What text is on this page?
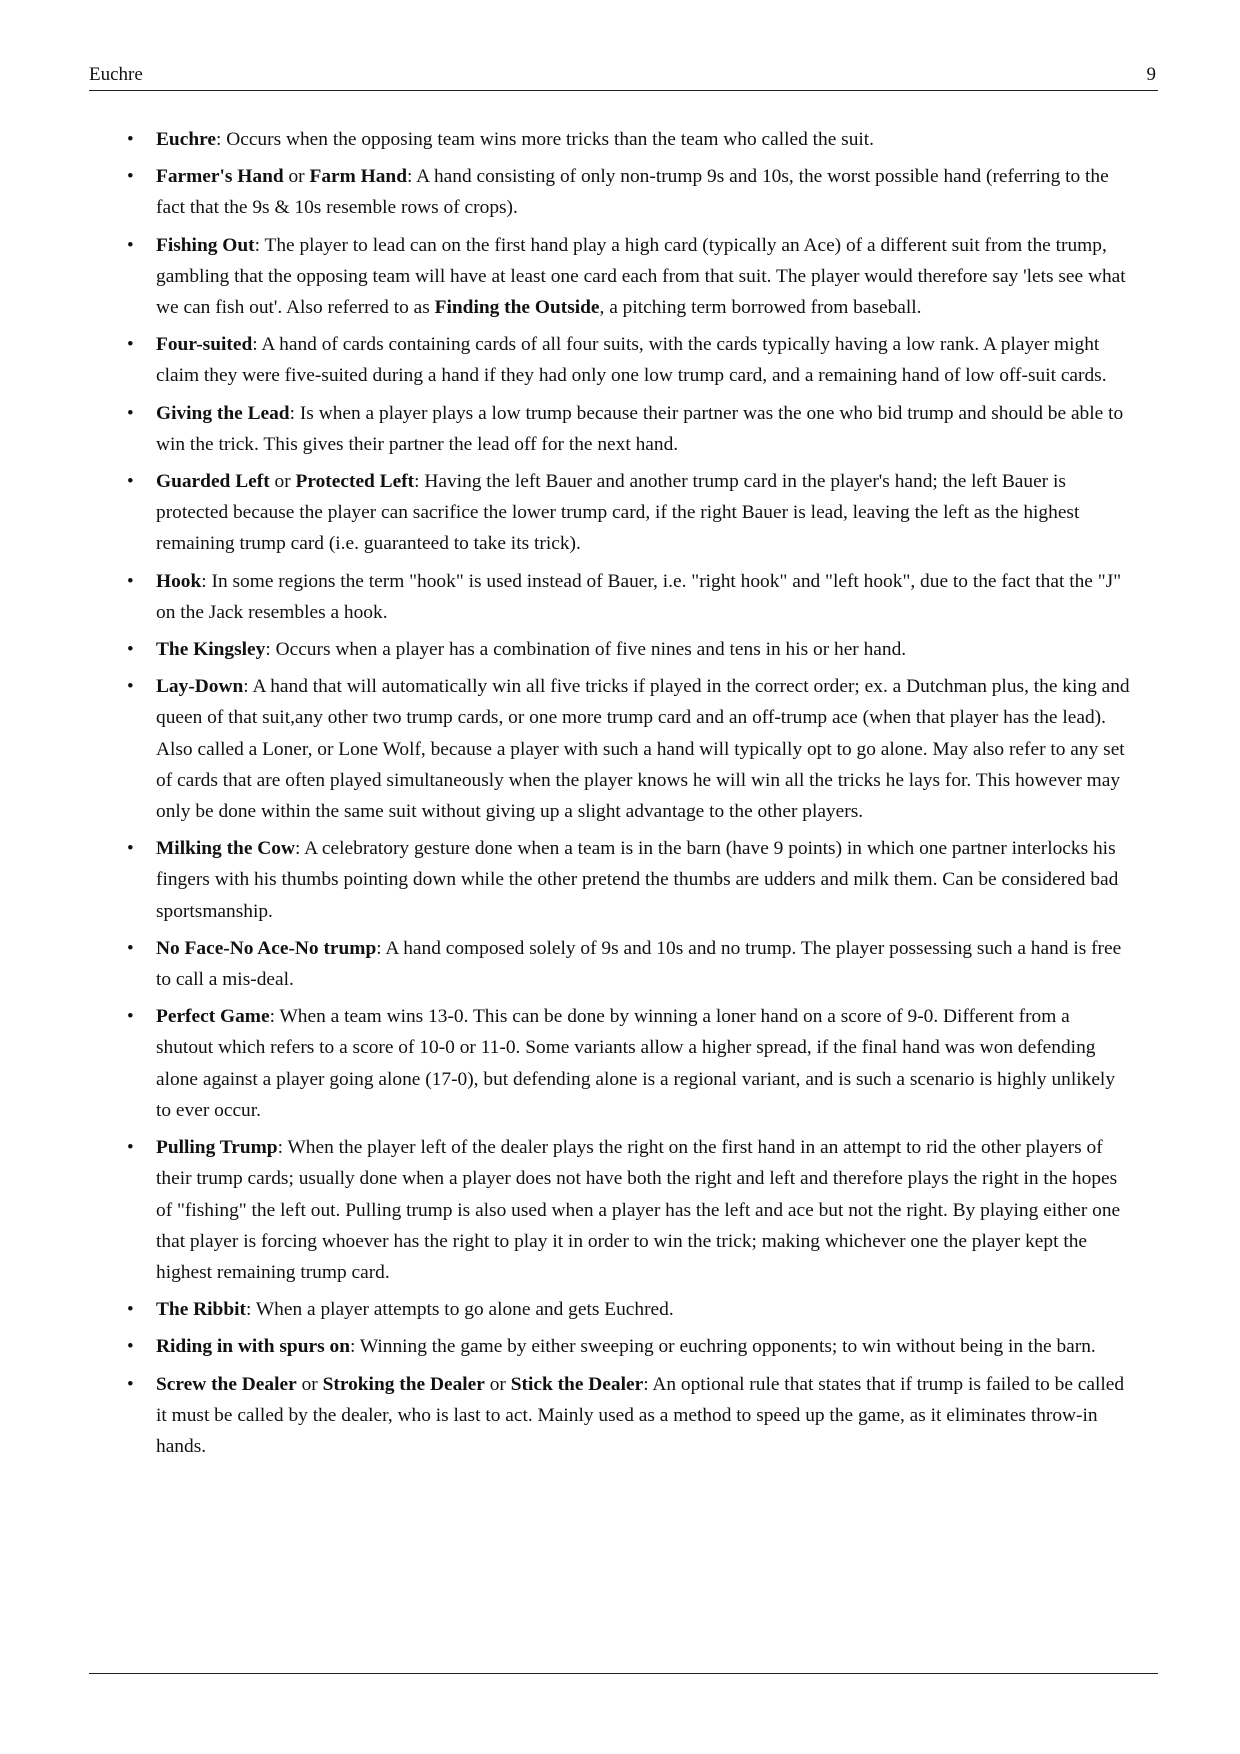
Euchre	9
• Euchre: Occurs when the opposing team wins more tricks than the team who called the suit.
• Farmer's Hand or Farm Hand: A hand consisting of only non-trump 9s and 10s, the worst possible hand (referring to the fact that the 9s & 10s resemble rows of crops).
• Fishing Out: The player to lead can on the first hand play a high card (typically an Ace) of a different suit from the trump, gambling that the opposing team will have at least one card each from that suit. The player would therefore say 'lets see what we can fish out'. Also referred to as Finding the Outside, a pitching term borrowed from baseball.
• Four-suited: A hand of cards containing cards of all four suits, with the cards typically having a low rank. A player might claim they were five-suited during a hand if they had only one low trump card, and a remaining hand of low off-suit cards.
• Giving the Lead: Is when a player plays a low trump because their partner was the one who bid trump and should be able to win the trick. This gives their partner the lead off for the next hand.
• Guarded Left or Protected Left: Having the left Bauer and another trump card in the player's hand; the left Bauer is protected because the player can sacrifice the lower trump card, if the right Bauer is lead, leaving the left as the highest remaining trump card (i.e. guaranteed to take its trick).
• Hook: In some regions the term "hook" is used instead of Bauer, i.e. "right hook" and "left hook", due to the fact that the "J" on the Jack resembles a hook.
• The Kingsley: Occurs when a player has a combination of five nines and tens in his or her hand.
• Lay-Down: A hand that will automatically win all five tricks if played in the correct order; ex. a Dutchman plus, the king and queen of that suit,any other two trump cards, or one more trump card and an off-trump ace (when that player has the lead). Also called a Loner, or Lone Wolf, because a player with such a hand will typically opt to go alone. May also refer to any set of cards that are often played simultaneously when the player knows he will win all the tricks he lays for. This however may only be done within the same suit without giving up a slight advantage to the other players.
• Milking the Cow: A celebratory gesture done when a team is in the barn (have 9 points) in which one partner interlocks his fingers with his thumbs pointing down while the other pretend the thumbs are udders and milk them. Can be considered bad sportsmanship.
• No Face-No Ace-No trump: A hand composed solely of 9s and 10s and no trump. The player possessing such a hand is free to call a mis-deal.
• Perfect Game: When a team wins 13-0. This can be done by winning a loner hand on a score of 9-0. Different from a shutout which refers to a score of 10-0 or 11-0. Some variants allow a higher spread, if the final hand was won defending alone against a player going alone (17-0), but defending alone is a regional variant, and is such a scenario is highly unlikely to ever occur.
• Pulling Trump: When the player left of the dealer plays the right on the first hand in an attempt to rid the other players of their trump cards; usually done when a player does not have both the right and left and therefore plays the right in the hopes of "fishing" the left out. Pulling trump is also used when a player has the left and ace but not the right. By playing either one that player is forcing whoever has the right to play it in order to win the trick; making whichever one the player kept the highest remaining trump card.
• The Ribbit: When a player attempts to go alone and gets Euchred.
• Riding in with spurs on: Winning the game by either sweeping or euchring opponents; to win without being in the barn.
• Screw the Dealer or Stroking the Dealer or Stick the Dealer: An optional rule that states that if trump is failed to be called it must be called by the dealer, who is last to act. Mainly used as a method to speed up the game, as it eliminates throw-in hands.
